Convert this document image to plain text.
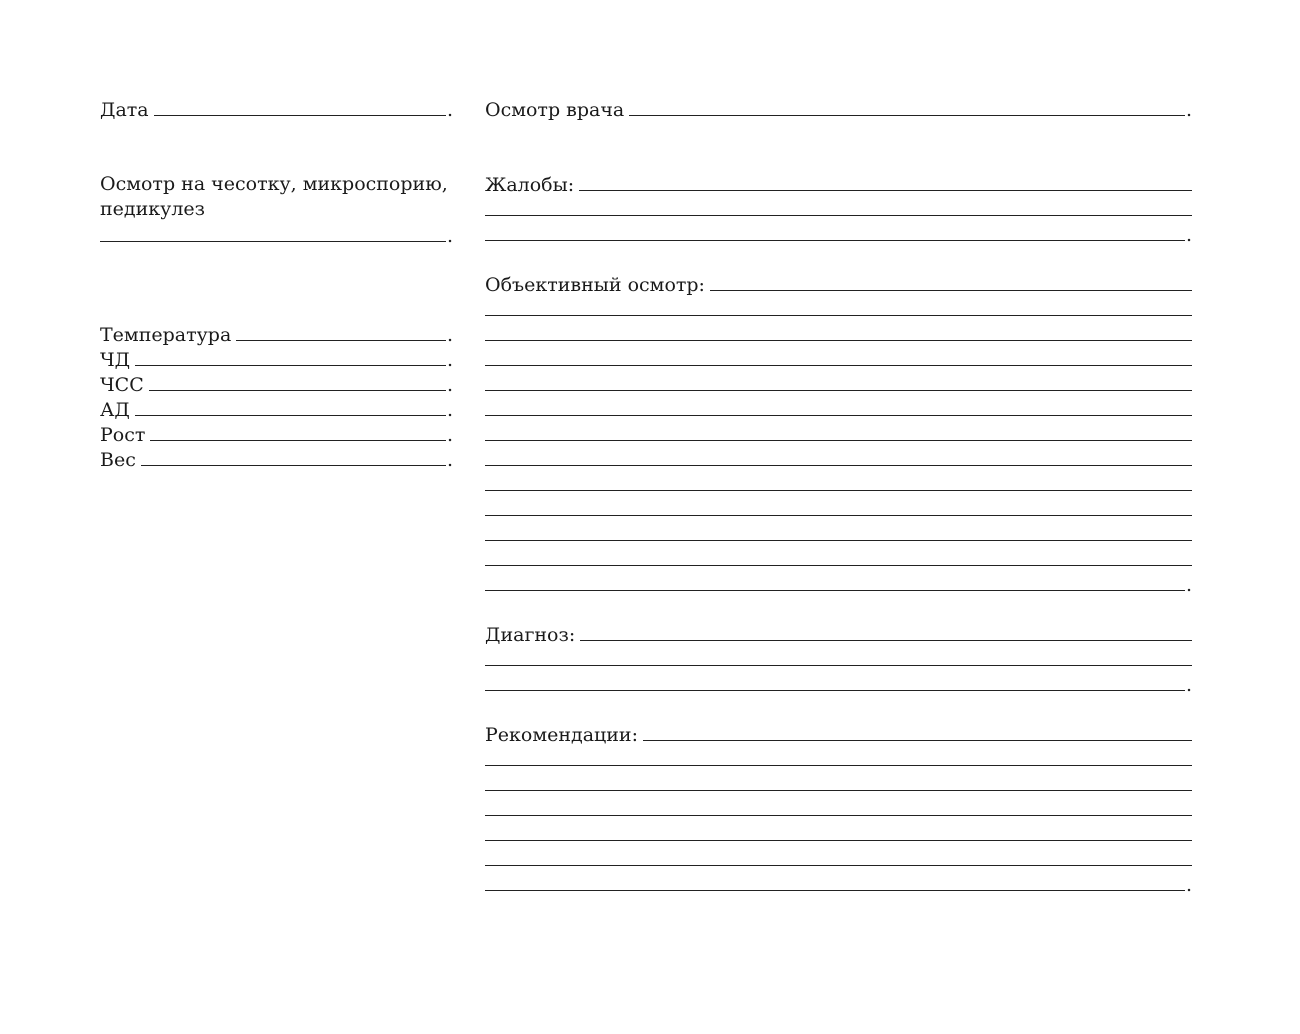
Дата	.
Осмотр на чесотку, микроспорию,
педикулез
.
Температура	.
ЧД	.
ЧСС	.
АД	.
Рост	.
Вес	.
Осмотр врача	.
Жалобы:
.
Объективный осмотр:
.
Диагноз:
.
Рекомендации:
.
